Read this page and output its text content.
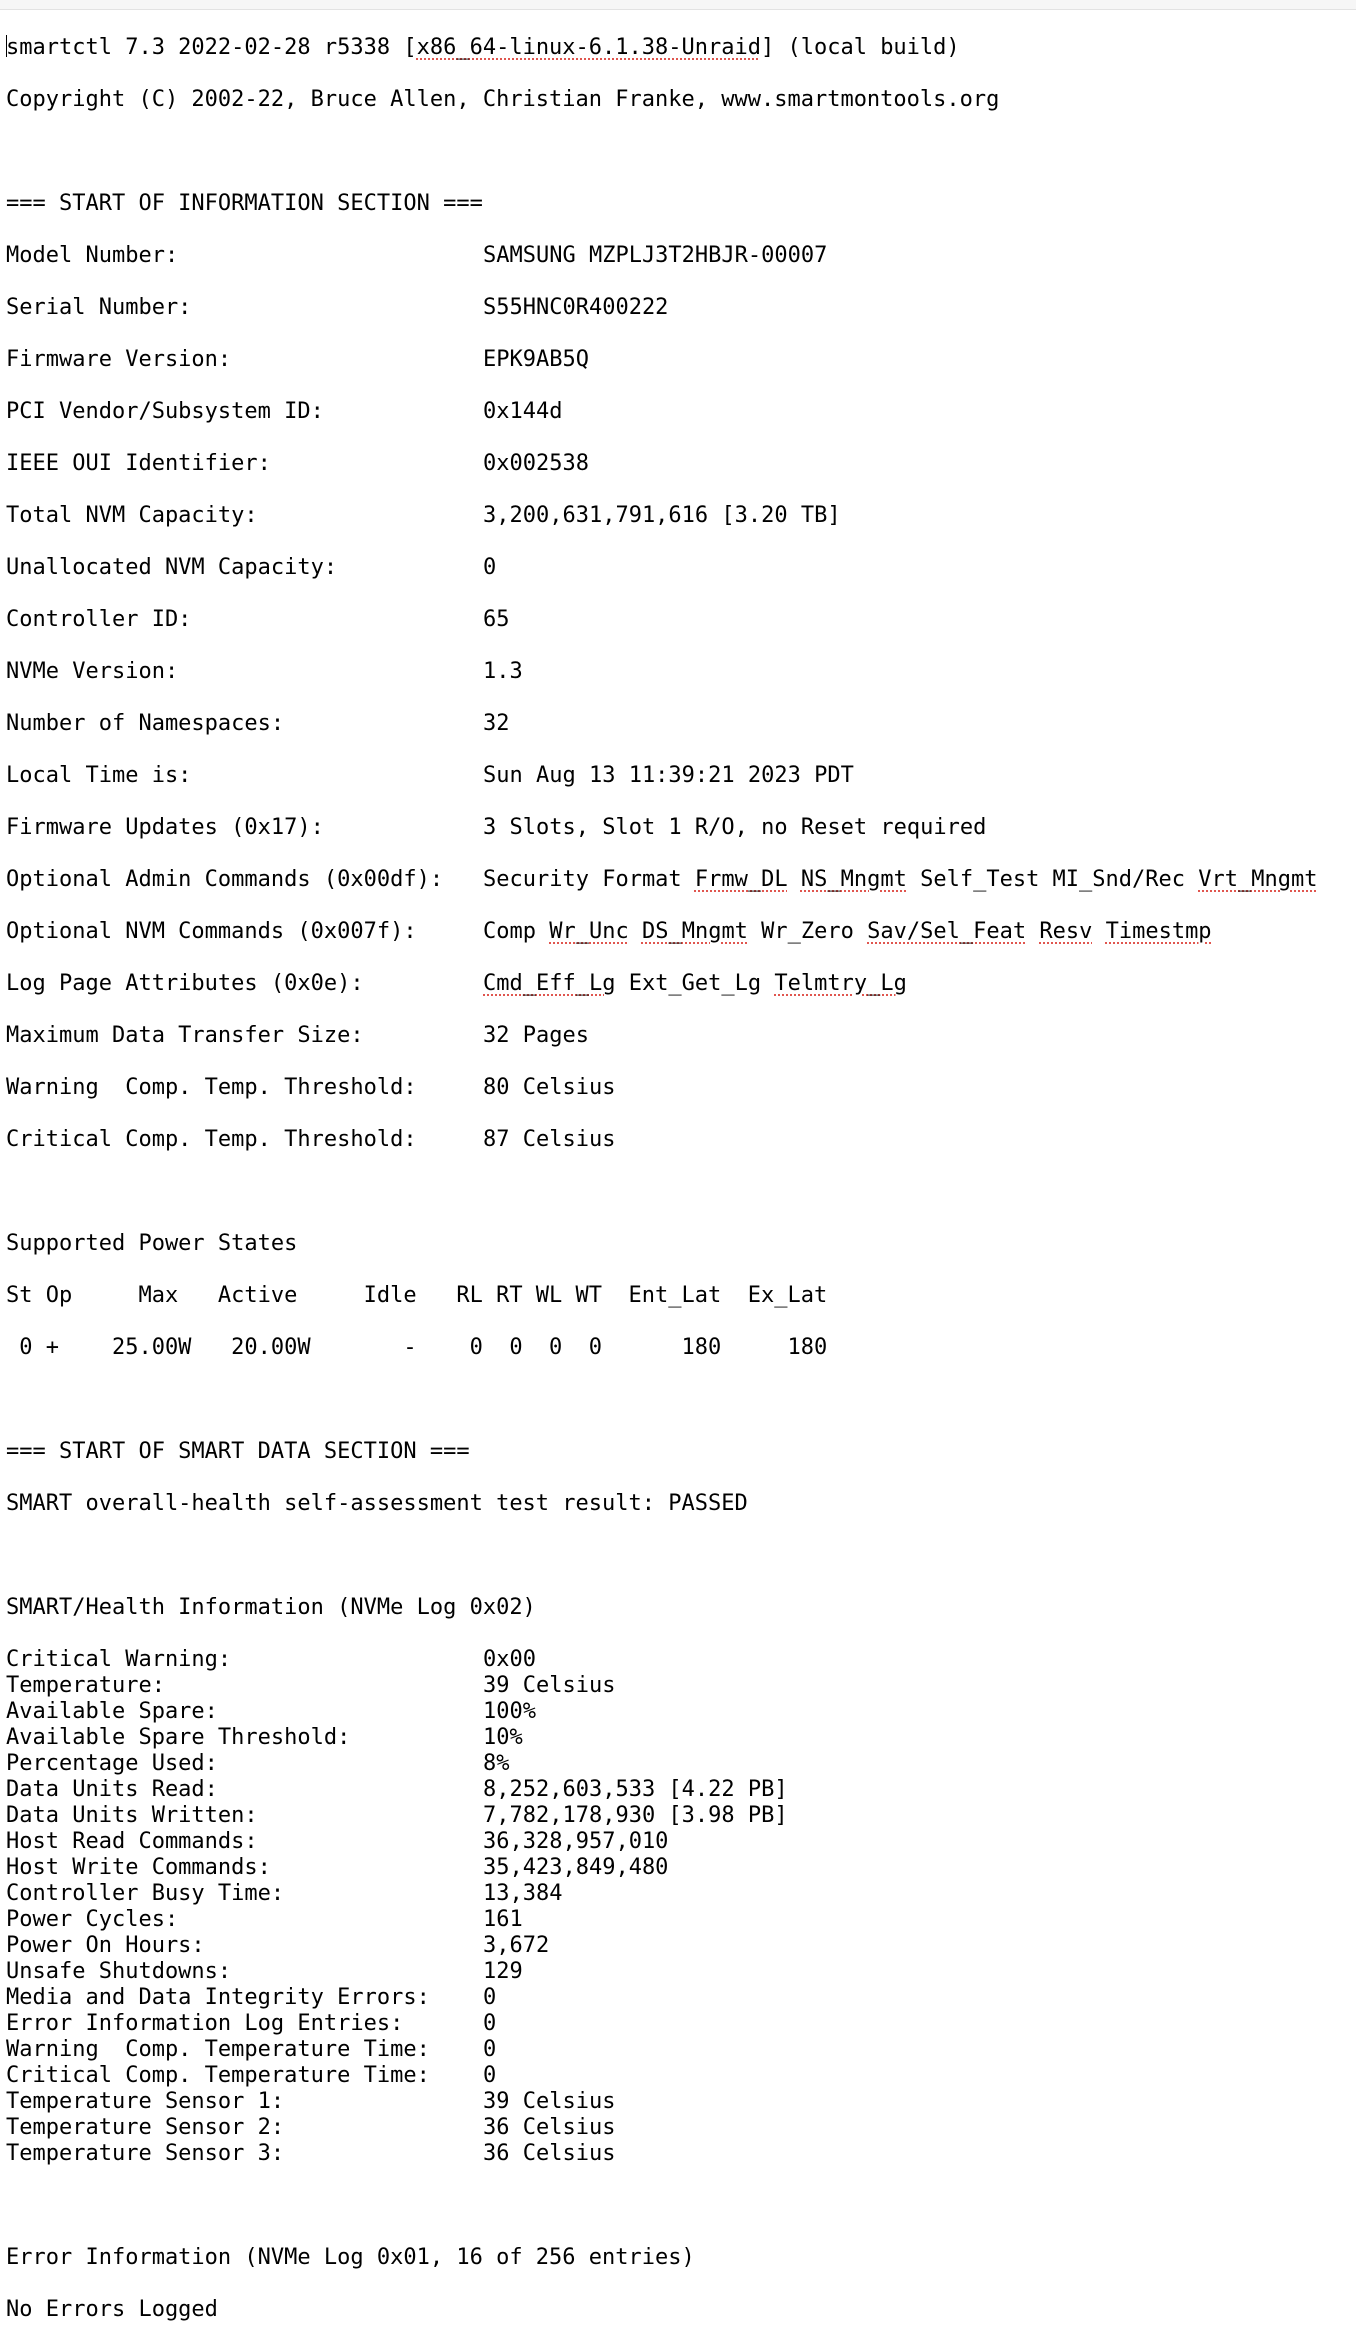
smartctl 7.3 2022-02-28 r5338 [x86_64-linux-6.1.38-Unraid] (local build)

Copyright (C) 2002-22, Bruce Allen, Christian Franke, www.smartmontools.org

=== START OF INFORMATION SECTION ===

Model Number:	SAMSUNG MZPLJ3T2HBJR-00007

Serial Number:	S55HNC0R400222

Firmware Version:	EPK9AB5Q

PCI Vendor/Subsystem ID:	0x144d

IEEE OUI Identifier:	0x002538

Total NVM Capacity:	3,200,631,791,616 [3.20 TB]

Unallocated NVM Capacity:	0

Controller ID:	65

NVMe Version:	1.3

Number of Namespaces:	32

Local Time is:	Sun Aug 13 11:39:21 2023 PDT

Firmware Updates (0x17):	3 Slots, Slot 1 R/O, no Reset required

Optional Admin Commands (0x00df): Security Format Frmw_DL NS_Mngmt Self_Test MI_Snd/Rec Vrt_Mngmt

Optional NVM Commands (0x007f):	Comp Wr_Unc DS_Mngmt Wr_Zero Sav/Sel_Feat Resv Timestmp

Log Page Attributes (0x0e):	Cmd_Eff_Lg Ext_Get_Lg Telmtry_Lg

Maximum Data Transfer Size:	32 Pages

Warning  Comp. Temp. Threshold:	80 Celsius

Critical Comp. Temp. Threshold:	87 Celsius

Supported Power States

St Op     Max   Active     Idle   RL RT WL WT  Ent_Lat  Ex_Lat

0 +    25.00W   20.00W       -    0  0  0  0      180     180

=== START OF SMART DATA SECTION ===

SMART overall-health self-assessment test result: PASSED

SMART/Health Information (NVMe Log 0x02)

Critical Warning:	0x00
Temperature:	39 Celsius
Available Spare:	100%
Available Spare Threshold:	10%
Percentage Used:	8%
Data Units Read:	8,252,603,533 [4.22 PB]
Data Units Written:	7,782,178,930 [3.98 PB]
Host Read Commands:	36,328,957,010
Host Write Commands:	35,423,849,480
Controller Busy Time:	13,384
Power Cycles:	161
Power On Hours:	3,672
Unsafe Shutdowns:	129
Media and Data Integrity Errors: 0
Error Information Log Entries:	0
Warning  Comp. Temperature Time: 0
Critical Comp. Temperature Time: 0
Temperature Sensor 1:	39 Celsius
Temperature Sensor 2:	36 Celsius
Temperature Sensor 3:	36 Celsius

Error Information (NVMe Log 0x01, 16 of 256 entries)

No Errors Logged
